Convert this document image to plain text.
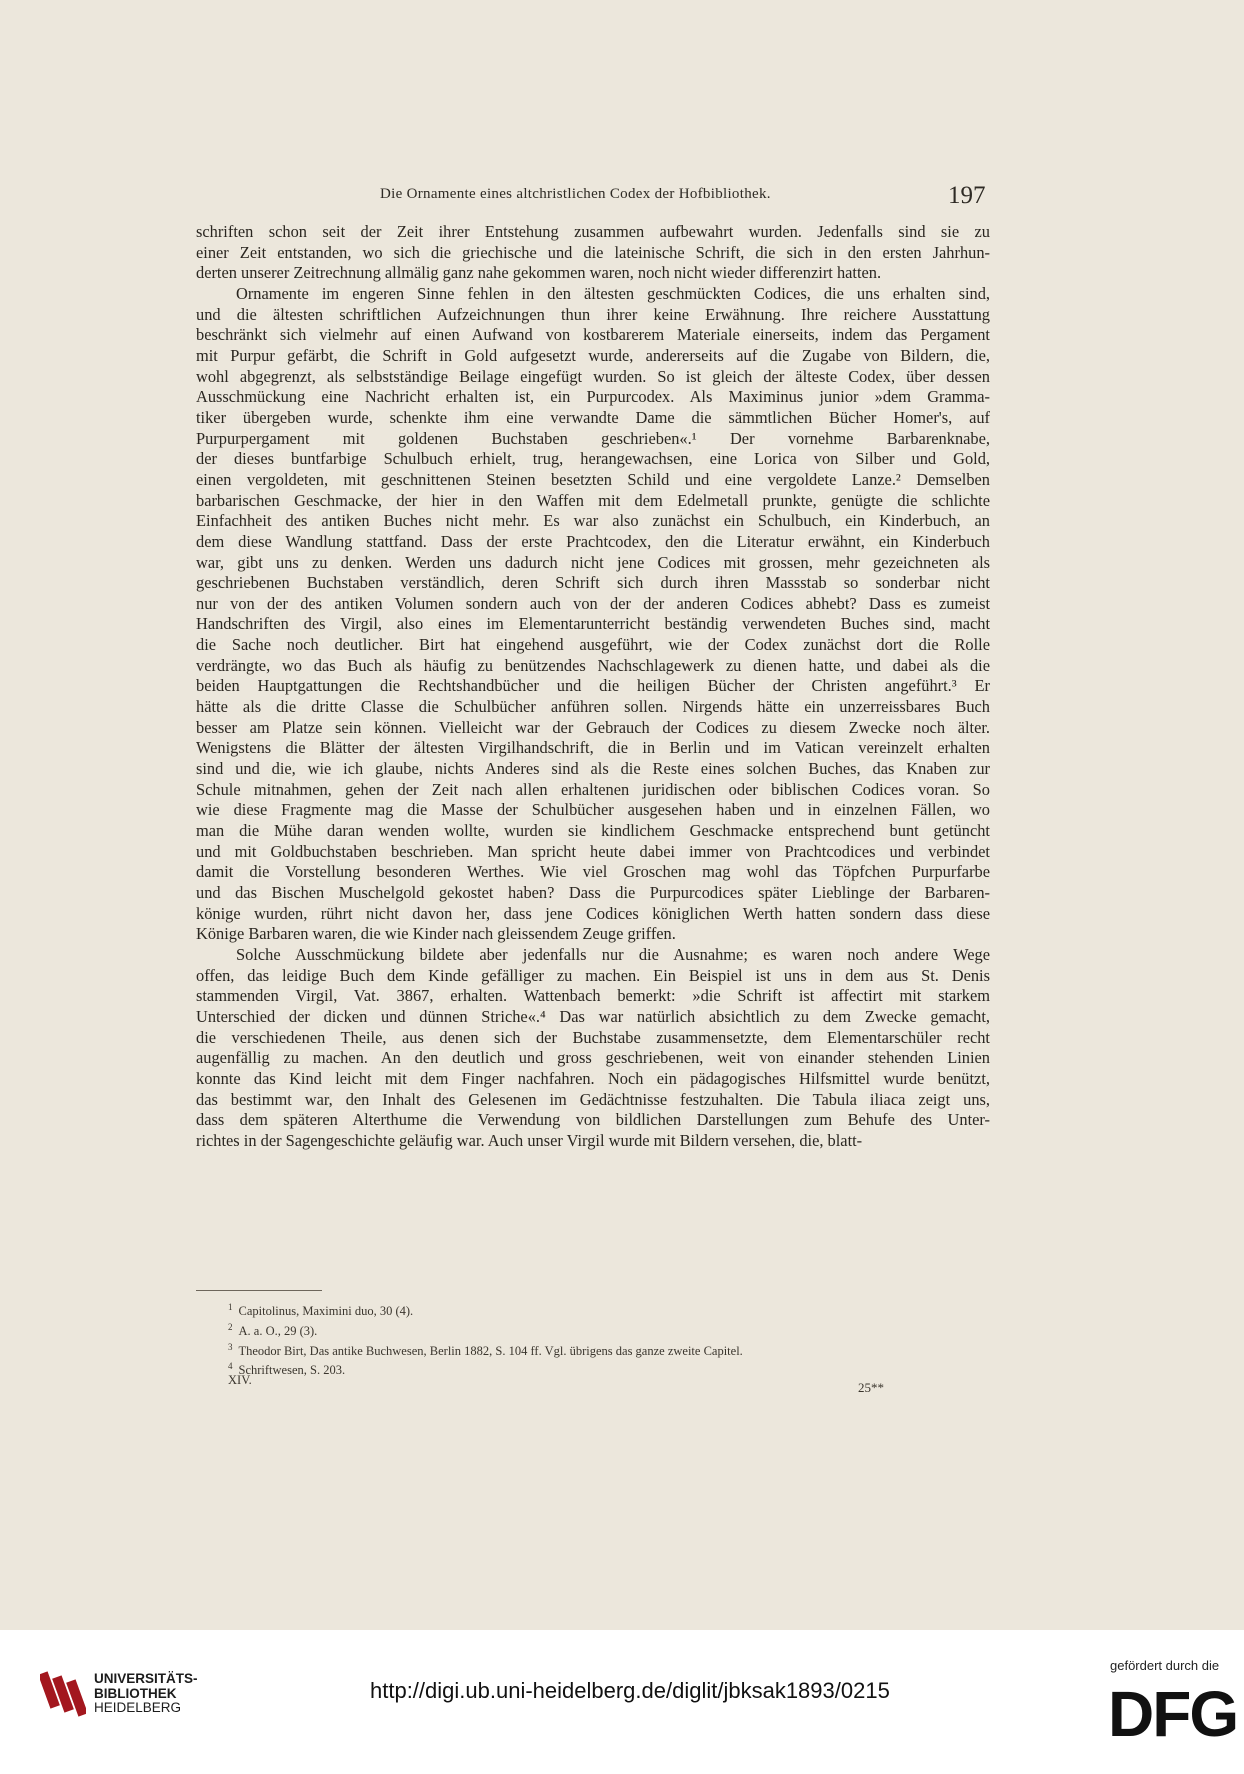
Die Ornamente eines altchristlichen Codex der Hofbibliothek.	197

schriften schon seit der Zeit ihrer Entstehung zusammen aufbewahrt wurden. Jedenfalls sind sie zu

einer Zeit entstanden, wo sich die griechische und die lateinische Schrift, die sich in den ersten Jahrhun-

derten unserer Zeitrechnung allmälig ganz nahe gekommen waren, noch nicht wieder differenzirt hatten.

Ornamente im engeren Sinne fehlen in den ältesten geschmückten Codices, die uns erhalten sind,

und die ältesten schriftlichen Aufzeichnungen thun ihrer keine Erwähnung. Ihre reichere Ausstattung

beschränkt sich vielmehr auf einen Aufwand von kostbarerem Materiale einerseits, indem das Pergament

mit Purpur gefärbt, die Schrift in Gold aufgesetzt wurde, andererseits auf die Zugabe von Bildern, die,

wohl abgegrenzt, als selbstständige Beilage eingefügt wurden. So ist gleich der älteste Codex, über dessen

Ausschmückung eine Nachricht erhalten ist, ein Purpurcodex. Als Maximinus junior »dem Gramma-

tiker übergeben wurde, schenkte ihm eine verwandte Dame die sämmtlichen Bücher Homer's, auf

Purpurpergament mit goldenen Buchstaben geschrieben«.¹ Der vornehme Barbarenknabe,

der dieses buntfarbige Schulbuch erhielt, trug, herangewachsen, eine Lorica von Silber und Gold,

einen vergoldeten, mit geschnittenen Steinen besetzten Schild und eine vergoldete Lanze.² Demselben

barbarischen Geschmacke, der hier in den Waffen mit dem Edelmetall prunkte, genügte die schlichte

Einfachheit des antiken Buches nicht mehr. Es war also zunächst ein Schulbuch, ein Kinderbuch, an

dem diese Wandlung stattfand. Dass der erste Prachtcodex, den die Literatur erwähnt, ein Kinderbuch

war, gibt uns zu denken. Werden uns dadurch nicht jene Codices mit grossen, mehr gezeichneten als

geschriebenen Buchstaben verständlich, deren Schrift sich durch ihren Massstab so sonderbar nicht

nur von der des antiken Volumen sondern auch von der der anderen Codices abhebt? Dass es zumeist

Handschriften des Virgil, also eines im Elementarunterricht beständig verwendeten Buches sind, macht

die Sache noch deutlicher. Birt hat eingehend ausgeführt, wie der Codex zunächst dort die Rolle

verdrängte, wo das Buch als häufig zu benützendes Nachschlagewerk zu dienen hatte, und dabei als die

beiden Hauptgattungen die Rechtshandbücher und die heiligen Bücher der Christen angeführt.³ Er

hätte als die dritte Classe die Schulbücher anführen sollen. Nirgends hätte ein unzerreissbares Buch

besser am Platze sein können. Vielleicht war der Gebrauch der Codices zu diesem Zwecke noch älter.

Wenigstens die Blätter der ältesten Virgilhandschrift, die in Berlin und im Vatican vereinzelt erhalten

sind und die, wie ich glaube, nichts Anderes sind als die Reste eines solchen Buches, das Knaben zur

Schule mitnahmen, gehen der Zeit nach allen erhaltenen juridischen oder biblischen Codices voran. So

wie diese Fragmente mag die Masse der Schulbücher ausgesehen haben und in einzelnen Fällen, wo

man die Mühe daran wenden wollte, wurden sie kindlichem Geschmacke entsprechend bunt getüncht

und mit Goldbuchstaben beschrieben. Man spricht heute dabei immer von Prachtcodices und verbindet

damit die Vorstellung besonderen Werthes. Wie viel Groschen mag wohl das Töpfchen Purpurfarbe

und das Bischen Muschelgold gekostet haben? Dass die Purpurcodices später Lieblinge der Barbaren-

könige wurden, rührt nicht davon her, dass jene Codices königlichen Werth hatten sondern dass diese

Könige Barbaren waren, die wie Kinder nach gleissendem Zeuge griffen.

Solche Ausschmückung bildete aber jedenfalls nur die Ausnahme; es waren noch andere Wege

offen, das leidige Buch dem Kinde gefälliger zu machen. Ein Beispiel ist uns in dem aus St. Denis

stammenden Virgil, Vat. 3867, erhalten. Wattenbach bemerkt: »die Schrift ist affectirt mit starkem

Unterschied der dicken und dünnen Striche«.⁴ Das war natürlich absichtlich zu dem Zwecke gemacht,

die verschiedenen Theile, aus denen sich der Buchstabe zusammensetzte, dem Elementarschüler recht

augenfällig zu machen. An den deutlich und gross geschriebenen, weit von einander stehenden Linien

konnte das Kind leicht mit dem Finger nachfahren. Noch ein pädagogisches Hilfsmittel wurde benützt,

das bestimmt war, den Inhalt des Gelesenen im Gedächtnisse festzuhalten. Die Tabula iliaca zeigt uns,

dass dem späteren Alterthume die Verwendung von bildlichen Darstellungen zum Behufe des Unter-

richtes in der Sagengeschichte geläufig war. Auch unser Virgil wurde mit Bildern versehen, die, blatt-

$^1$ Capitolinus, Maximini duo, 30 (4).
$^2$ A. a. O., 29 (3).
$^3$ Theodor Birt, Das antike Buchwesen, Berlin 1882, S. 104 ff. Vgl. übrigens das ganze zweite Capitel.
$^4$ Schriftwesen, S. 203.
XIV.	25**
UNIVERSITÄTS-
BIBLIOTHEK
HEIDELBERG
http://digi.ub.uni-heidelberg.de/diglit/jbksak1893/0215
gefördert durch die
DFG
